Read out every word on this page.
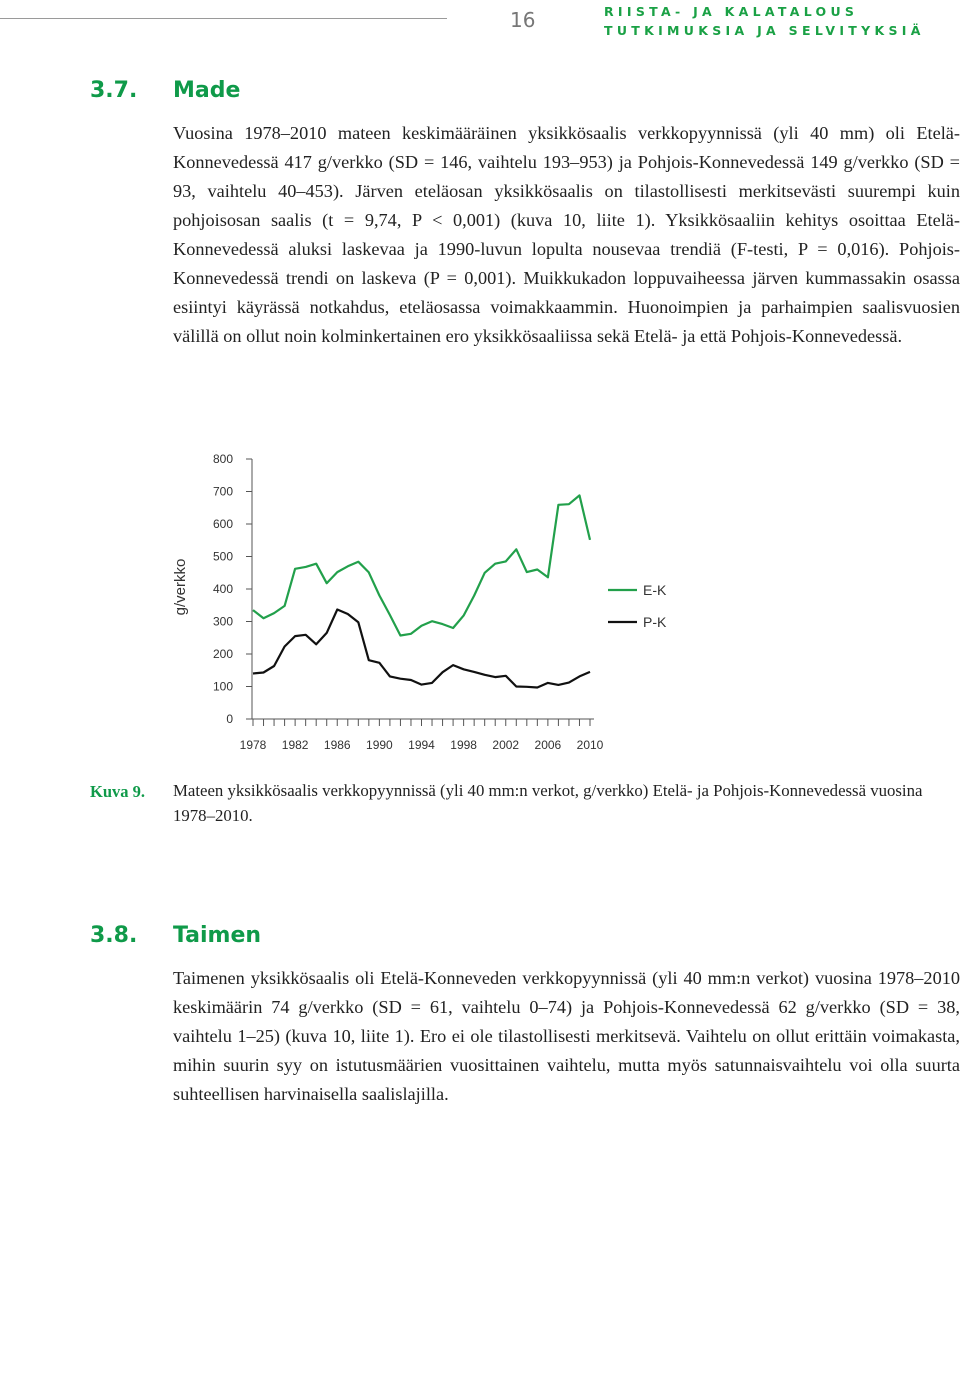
16	RIISTA- JA KALATALOUS
TUTKIMUKSIA JA SELVITYKSIÄ
3.7. Made

Vuosina 1978–2010 mateen keskimääräinen yksikkösaalis verkkopyynnissä (yli 40 mm) oli Etelä-Konnevedessä 417 g/verkko (SD = 146, vaihtelu 193–953) ja Pohjois-Konnevedessä 149 g/verkko (SD = 93, vaihtelu 40–453). Järven eteläosan yksikkösaalis on tilastollisesti merkitsevästi suurempi kuin pohjoisosan saalis (t = 9,74, P < 0,001) (kuva 10, liite 1). Yksikkösaaliin kehitys osoittaa Etelä-Konnevedessä aluksi laskevaa ja 1990-luvun lopulta nousevaa trendiä (F-testi, P = 0,016). Pohjois-Konnevedessä trendi on laskeva (P = 0,001). Muikkukadon loppuvaiheessa järven kummassakin osassa esiintyi käyrässä notkahdus, eteläosassa voimakkaammin. Huonoimpien ja parhaimpien saalisvuosien välillä on ollut noin kolminkertainen ero yksikkösaaliissa sekä Etelä- ja että Pohjois-Konnevedessä.

0
100
200
300
400
500
600
700
800
1978 1982 1986 1990 1994 1998 2002 2006 2010
g/verkko	E-K
P-K
Kuva 9. Mateen yksikkösaalis verkkopyynnissä (yli 40 mm:n verkot, g/verkko) Etelä- ja Pohjois-Konnevedessä vuosina 1978–2010.

3.8. Taimen

Taimenen yksikkösaalis oli Etelä-Konneveden verkkopyynnissä (yli 40 mm:n verkot) vuosina 1978–2010 keskimäärin 74 g/verkko (SD = 61, vaihtelu 0–74) ja Pohjois-Konnevedessä 62 g/verkko (SD = 38, vaihtelu 1–25) (kuva 10, liite 1). Ero ei ole tilastollisesti merkitsevä. Vaihtelu on ollut erittäin voimakasta, mihin suurin syy on istutusmäärien vuosittainen vaihtelu, mutta myös satunnaisvaihtelu voi olla suurta suhteellisen harvinaisella saalislajilla.
